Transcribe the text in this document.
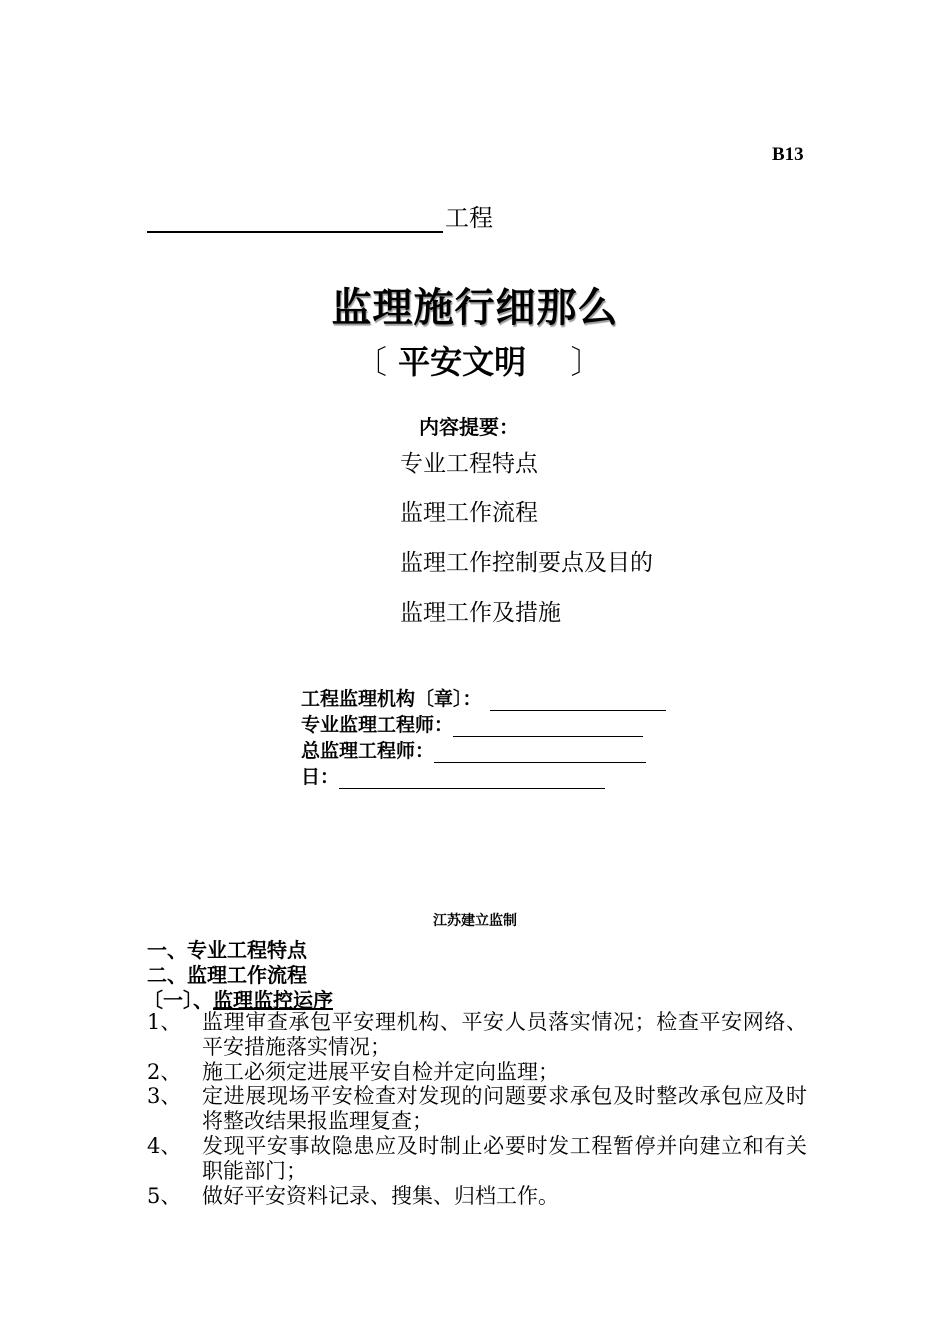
B13
工程
监理施行细那么
〔 平安文明 〕
内容提要：
专业工程特点
监理工作流程
监理工作控制要点及目的
监理工作及措施
工程监理机构〔章〕：
专业监理工程师：
总监理工程师：
日：
江苏建立监制
一、专业工程特点
二、监理工作流程
〔一〕、监理监控运序
1、 监理审查承包平安理机构、平安人员落实情况；检查平安网络、平安措施落实情况；
2、 施工必须定进展平安自检并定向监理；
3、 定进展现场平安检查对发现的问题要求承包及时整改承包应及时将整改结果报监理复查；
4、 发现平安事故隐患应及时制止必要时发工程暂停并向建立和有关职能部门；
5、 做好平安资料记录、搜集、归档工作。
